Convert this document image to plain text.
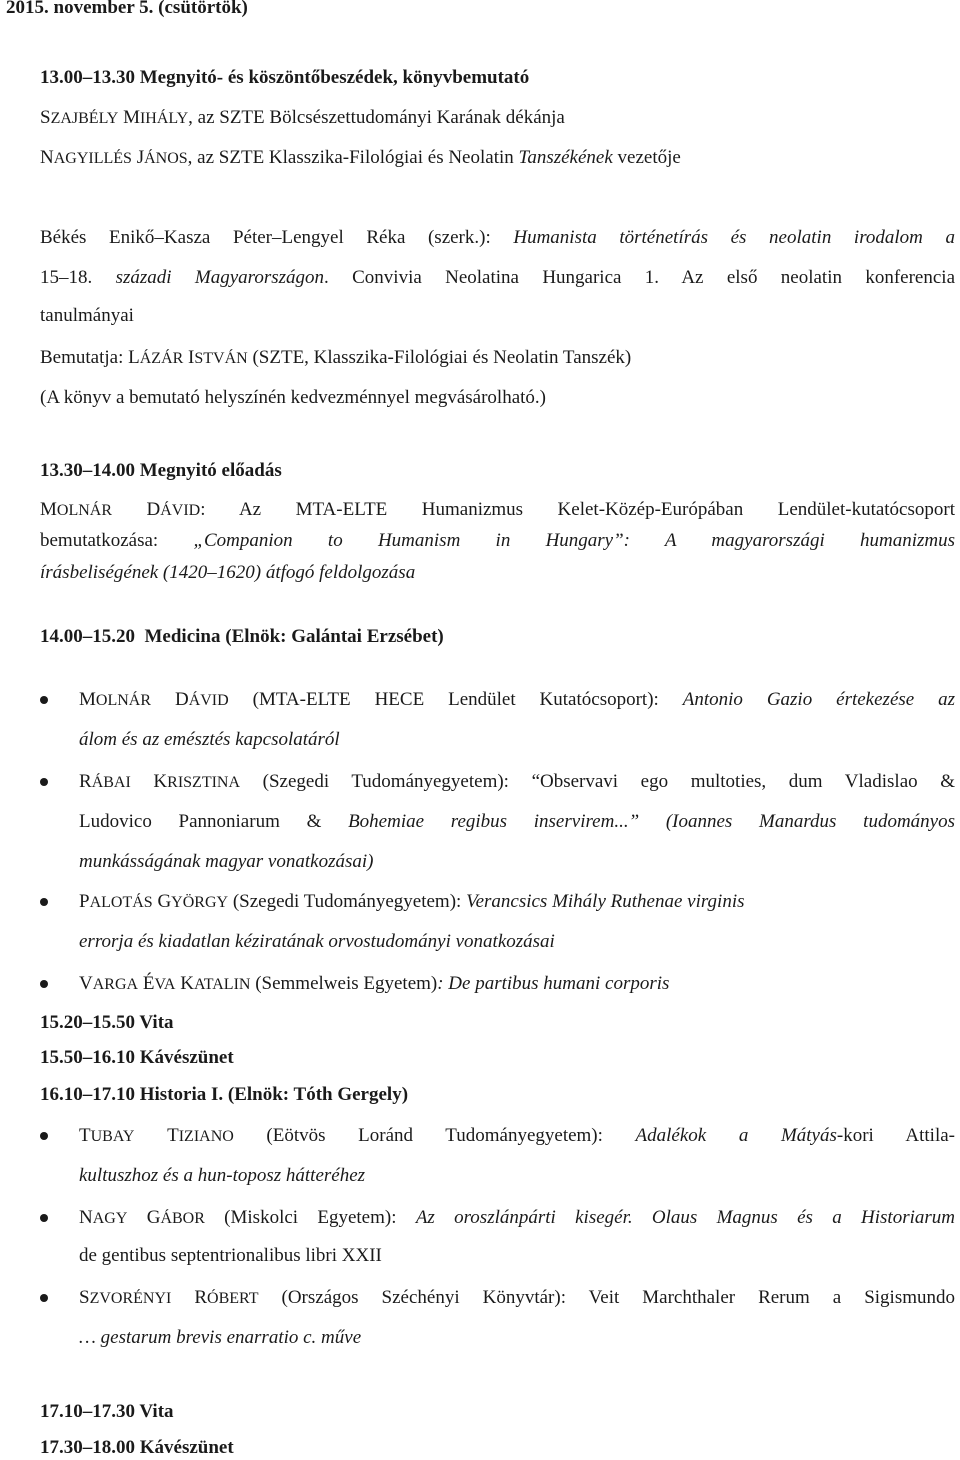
2015. november 5. (csütörtök)
13.00–13.30 Megnyitó- és köszöntőbeszédek, könyvbemutató
SZAJBÉLY MIHÁLY, az SZTE Bölcsészettudományi Karának dékánja
NAGYILLÉS JÁNOS, az SZTE Klasszika-Filológiai és Neolatin Tanszékének vezetője
Békés Enikő–Kasza Péter–Lengyel Réka (szerk.): Humanista történetírás és neolatin irodalom a
15–18. századi Magyarországon. Convivia Neolatina Hungarica 1. Az első neolatin konferencia
tanulmányai
Bemutatja: LÁZÁR ISTVÁN (SZTE, Klasszika-Filológiai és Neolatin Tanszék)
(A könyv a bemutató helyszínén kedvezménnyel megvásárolható.)
13.30–14.00 Megnyitó előadás
MOLNÁR DÁVID: Az MTA-ELTE Humanizmus Kelet-Közép-Európában Lendület-kutatócsoport
bemutatkozása: „Companion to Humanism in Hungary”: A magyarországi humanizmus
írásbeliségének (1420–1620) átfogó feldolgozása
14.00–15.20 Medicina (Elnök: Galántai Erzsébet)
MOLNÁR DÁVID (MTA-ELTE HECE Lendület Kutatócsoport): Antonio Gazio értekezése az
álom és az emésztés kapcsolatáról
RÁBAI KRISZTINA (Szegedi Tudományegyetem): “Observavi ego multoties, dum Vladislao &
Ludovico Pannoniarum & Bohemiae regibus inservirem...” (Ioannes Manardus tudományos
munkásságának magyar vonatkozásai)
PALOTÁS GYÖRGY (Szegedi Tudományegyetem): Verancsics Mihály Ruthenae virginis
errorja és kiadatlan kéziratának orvostudományi vonatkozásai
VARGA ÉVA KATALIN (Semmelweis Egyetem): De partibus humani corporis
15.20–15.50 Vita
15.50–16.10 Kávészünet
16.10–17.10 Historia I. (Elnök: Tóth Gergely)
TUBAY TIZIANO (Eötvös Loránd Tudományegyetem): Adalékok a Mátyás-kori Attila-
kultuszhoz és a hun-toposz hátteréhez
NAGY GÁBOR (Miskolci Egyetem): Az oroszlánpárti kisegér. Olaus Magnus és a Historiarum
de gentibus septentrionalibus libri XXII
SZVORÉNYI RÓBERT (Országos Széchényi Könyvtár): Veit Marchthaler Rerum a Sigismundo
… gestarum brevis enarratio c. műve
17.10–17.30 Vita
17.30–18.00 Kávészünet
